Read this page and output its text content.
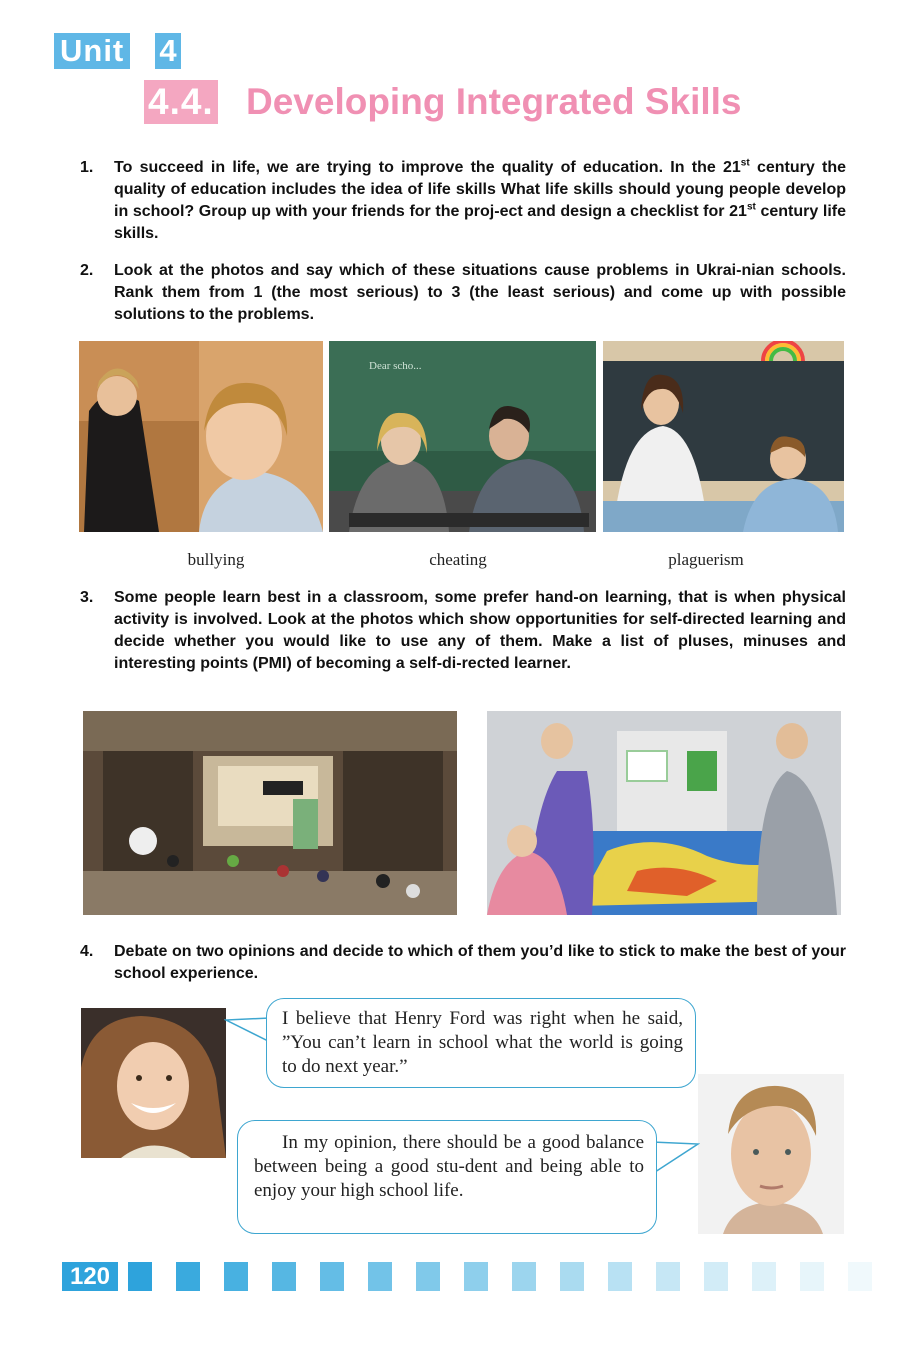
Unit 4
4.4. Developing Integrated Skills
1.	To succeed in life, we are trying to improve the quality of education. In the 21st century the quality of education includes the idea of life skills What life skills should young people develop in school? Group up with your friends for the proj-ect and design a checklist for 21st century life skills.
2.	Look at the photos and say which of these situations cause problems in Ukrai-nian schools. Rank them from 1 (the most serious) to 3 (the least serious) and come up with possible solutions to the problems.
Dear scho...
bullying	cheating	plaguerism
3.	Some people learn best in a classroom, some prefer hand-on learning, that is when physical activity is involved. Look at the photos which show opportunities for self-directed learning and decide whether you would like to use any of them. Make a list of pluses, minuses and interesting points (PMI) of becoming a self-di-rected learner.
4.	Debate on two opinions and decide to which of them you’d like to stick to make the best of your school experience.
I believe that Henry Ford was right when he said, ”You can’t learn in school what the world is going to do next year.”
In my opinion, there should be a good balance between being a good stu-dent and being able to enjoy your high school life.
120
